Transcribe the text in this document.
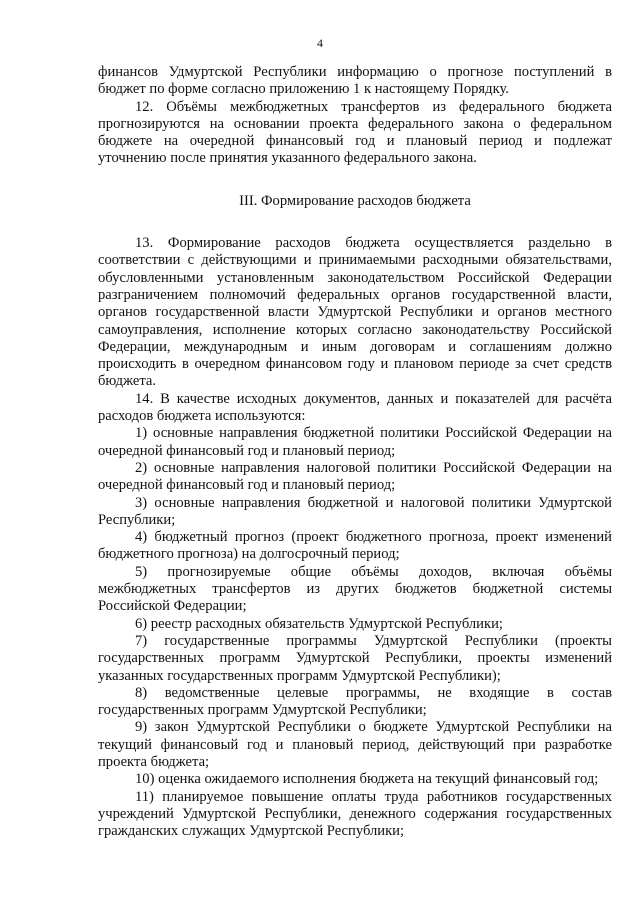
4

финансов Удмуртской Республики информацию о прогнозе поступлений в бюджет по форме согласно приложению 1 к настоящему Порядку.

12. Объёмы межбюджетных трансфертов из федерального бюджета прогнозируются на основании проекта федерального закона о федеральном бюджете на очередной финансовый год и плановый период и подлежат уточнению после принятия указанного федерального закона.

III. Формирование расходов бюджета

13. Формирование расходов бюджета осуществляется раздельно в соответствии с действующими и принимаемыми расходными обязательствами, обусловленными установленным законодательством Российской Федерации разграничением полномочий федеральных органов государственной власти, органов государственной власти Удмуртской Республики и органов местного самоуправления, исполнение которых согласно законодательству Российской Федерации, международным и иным договорам и соглашениям должно происходить в очередном финансовом году и плановом периоде за счет средств бюджета.

14. В качестве исходных документов, данных и показателей для расчёта расходов бюджета используются:

1) основные направления бюджетной политики Российской Федерации на очередной финансовый год и плановый период;

2) основные направления налоговой политики Российской Федерации на очередной финансовый год и плановый период;

3) основные направления бюджетной и налоговой политики Удмуртской Республики;

4) бюджетный прогноз (проект бюджетного прогноза, проект изменений бюджетного прогноза) на долгосрочный период;

5) прогнозируемые общие объёмы доходов, включая объёмы межбюджетных трансфертов из других бюджетов бюджетной системы Российской Федерации;

6) реестр расходных обязательств Удмуртской Республики;

7) государственные программы Удмуртской Республики (проекты государственных программ Удмуртской Республики, проекты изменений указанных государственных программ Удмуртской Республики);

8) ведомственные целевые программы, не входящие в состав государственных программ Удмуртской Республики;

9) закон Удмуртской Республики о бюджете Удмуртской Республики на текущий финансовый год и плановый период, действующий при разработке проекта бюджета;

10) оценка ожидаемого исполнения бюджета на текущий финансовый год;

11) планируемое повышение оплаты труда работников государственных учреждений Удмуртской Республики, денежного содержания государственных гражданских служащих Удмуртской Республики;
